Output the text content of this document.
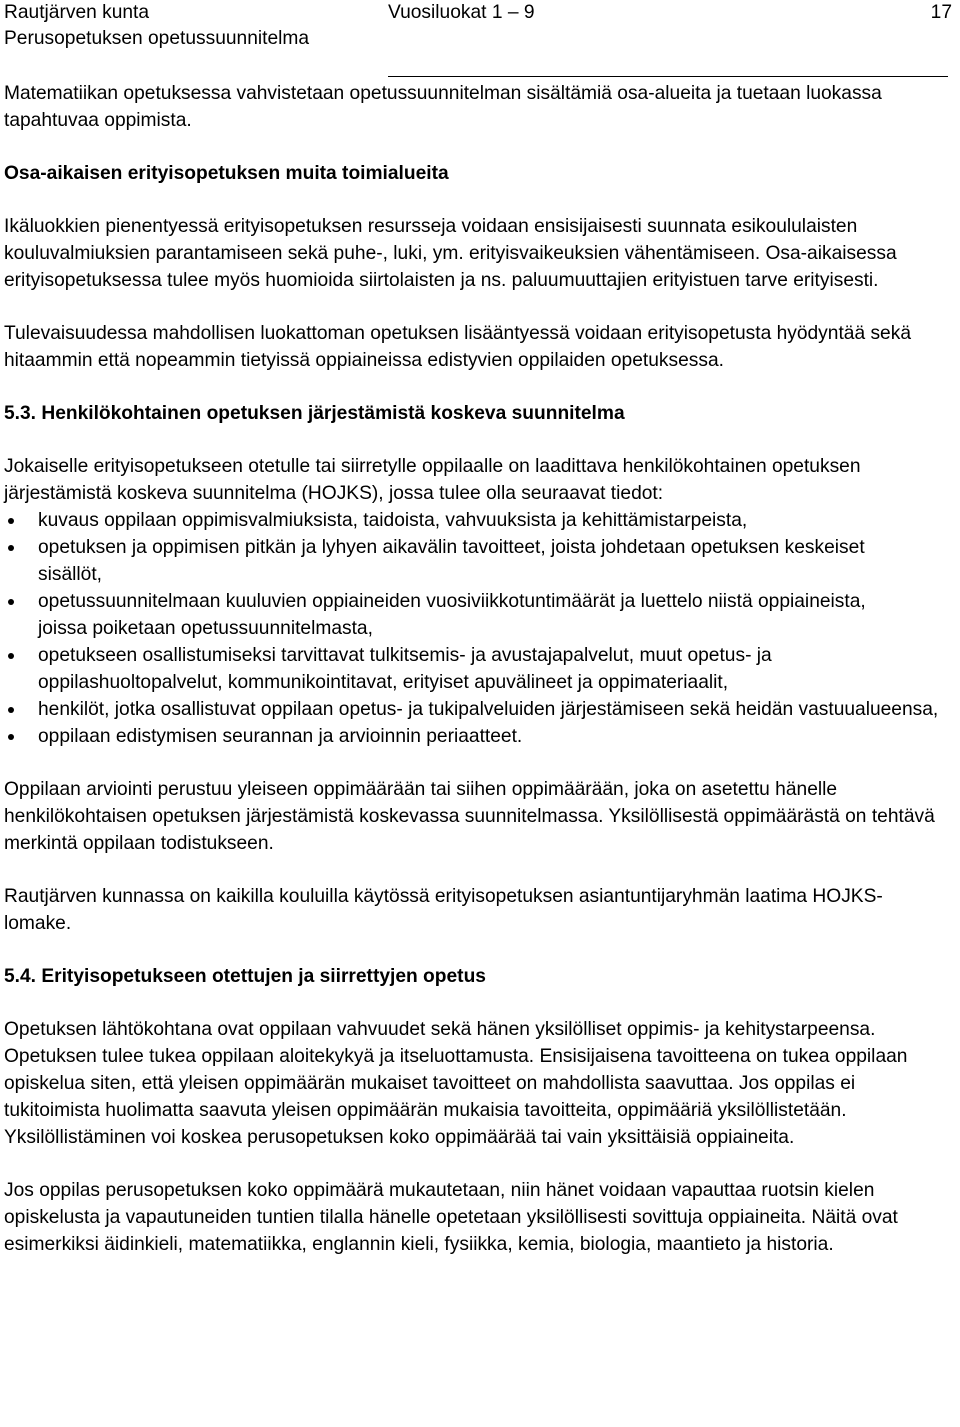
Rautjärven kunta
Perusopetuksen opetussuunnitelma
Vuosiluokat 1 – 9	17

Matematiikan opetuksessa vahvistetaan opetussuunnitelman sisältämiä osa-alueita ja tuetaan luokassa tapahtuvaa oppimista.

Osa-aikaisen erityisopetuksen muita toimialueita

Ikäluokkien pienentyessä erityisopetuksen resursseja voidaan ensisijaisesti suunnata esikoululaisten kouluvalmiuksien parantamiseen sekä puhe-, luki, ym. erityisvaikeuksien vähentämiseen. Osa-aikaisessa erityisopetuksessa tulee myös huomioida siirtolaisten ja ns. paluumuuttajien erityistuen tarve erityisesti.

Tulevaisuudessa mahdollisen luokattoman opetuksen lisääntyessä voidaan erityisopetusta hyödyntää sekä hitaammin että nopeammin tietyissä oppiaineissa edistyvien oppilaiden opetuksessa.

5.3. Henkilökohtainen opetuksen järjestämistä koskeva suunnitelma

Jokaiselle erityisopetukseen otetulle tai siirretylle oppilaalle on laadittava henkilökohtainen opetuksen järjestämistä koskeva suunnitelma (HOJKS), jossa tulee olla seuraavat tiedot:

kuvaus oppilaan oppimisvalmiuksista, taidoista, vahvuuksista ja kehittämistarpeista,
opetuksen ja oppimisen pitkän ja lyhyen aikavälin tavoitteet, joista johdetaan opetuksen keskeiset sisällöt,
opetussuunnitelmaan kuuluvien oppiaineiden vuosiviikkotuntimäärät ja luettelo niistä oppiaineista, joissa poiketaan opetussuunnitelmasta,
opetukseen osallistumiseksi tarvittavat tulkitsemis- ja avustajapalvelut, muut opetus- ja oppilashuoltopalvelut, kommunikointitavat, erityiset apuvälineet ja oppimateriaalit,
henkilöt, jotka osallistuvat oppilaan opetus- ja tukipalveluiden järjestämiseen sekä heidän vastuualueensa,
oppilaan edistymisen seurannan ja arvioinnin periaatteet.

Oppilaan arviointi perustuu yleiseen oppimäärään tai siihen oppimäärään, joka on asetettu hänelle henkilökohtaisen opetuksen järjestämistä koskevassa suunnitelmassa. Yksilöllisestä oppimäärästä on tehtävä merkintä oppilaan todistukseen.

Rautjärven kunnassa on kaikilla kouluilla käytössä erityisopetuksen asiantuntijaryhmän laatima HOJKS-lomake.

5.4. Erityisopetukseen otettujen ja siirrettyjen opetus

Opetuksen lähtökohtana ovat oppilaan vahvuudet sekä hänen yksilölliset oppimis- ja kehitystarpeensa. Opetuksen tulee tukea oppilaan aloitekykyä ja itseluottamusta. Ensisijaisena tavoitteena on tukea oppilaan opiskelua siten, että yleisen oppimäärän mukaiset tavoitteet on mahdollista saavuttaa. Jos oppilas ei tukitoimista huolimatta saavuta yleisen oppimäärän mukaisia tavoitteita, oppimääriä yksilöllistetään. Yksilöllistäminen voi koskea perusopetuksen koko oppimäärää tai vain yksittäisiä oppiaineita.

Jos oppilas perusopetuksen koko oppimäärä mukautetaan, niin hänet voidaan vapauttaa ruotsin kielen opiskelusta ja vapautuneiden tuntien tilalla hänelle opetetaan yksilöllisesti sovittuja oppiaineita. Näitä ovat esimerkiksi äidinkieli, matematiikka, englannin kieli, fysiikka, kemia, biologia, maantieto ja historia.
